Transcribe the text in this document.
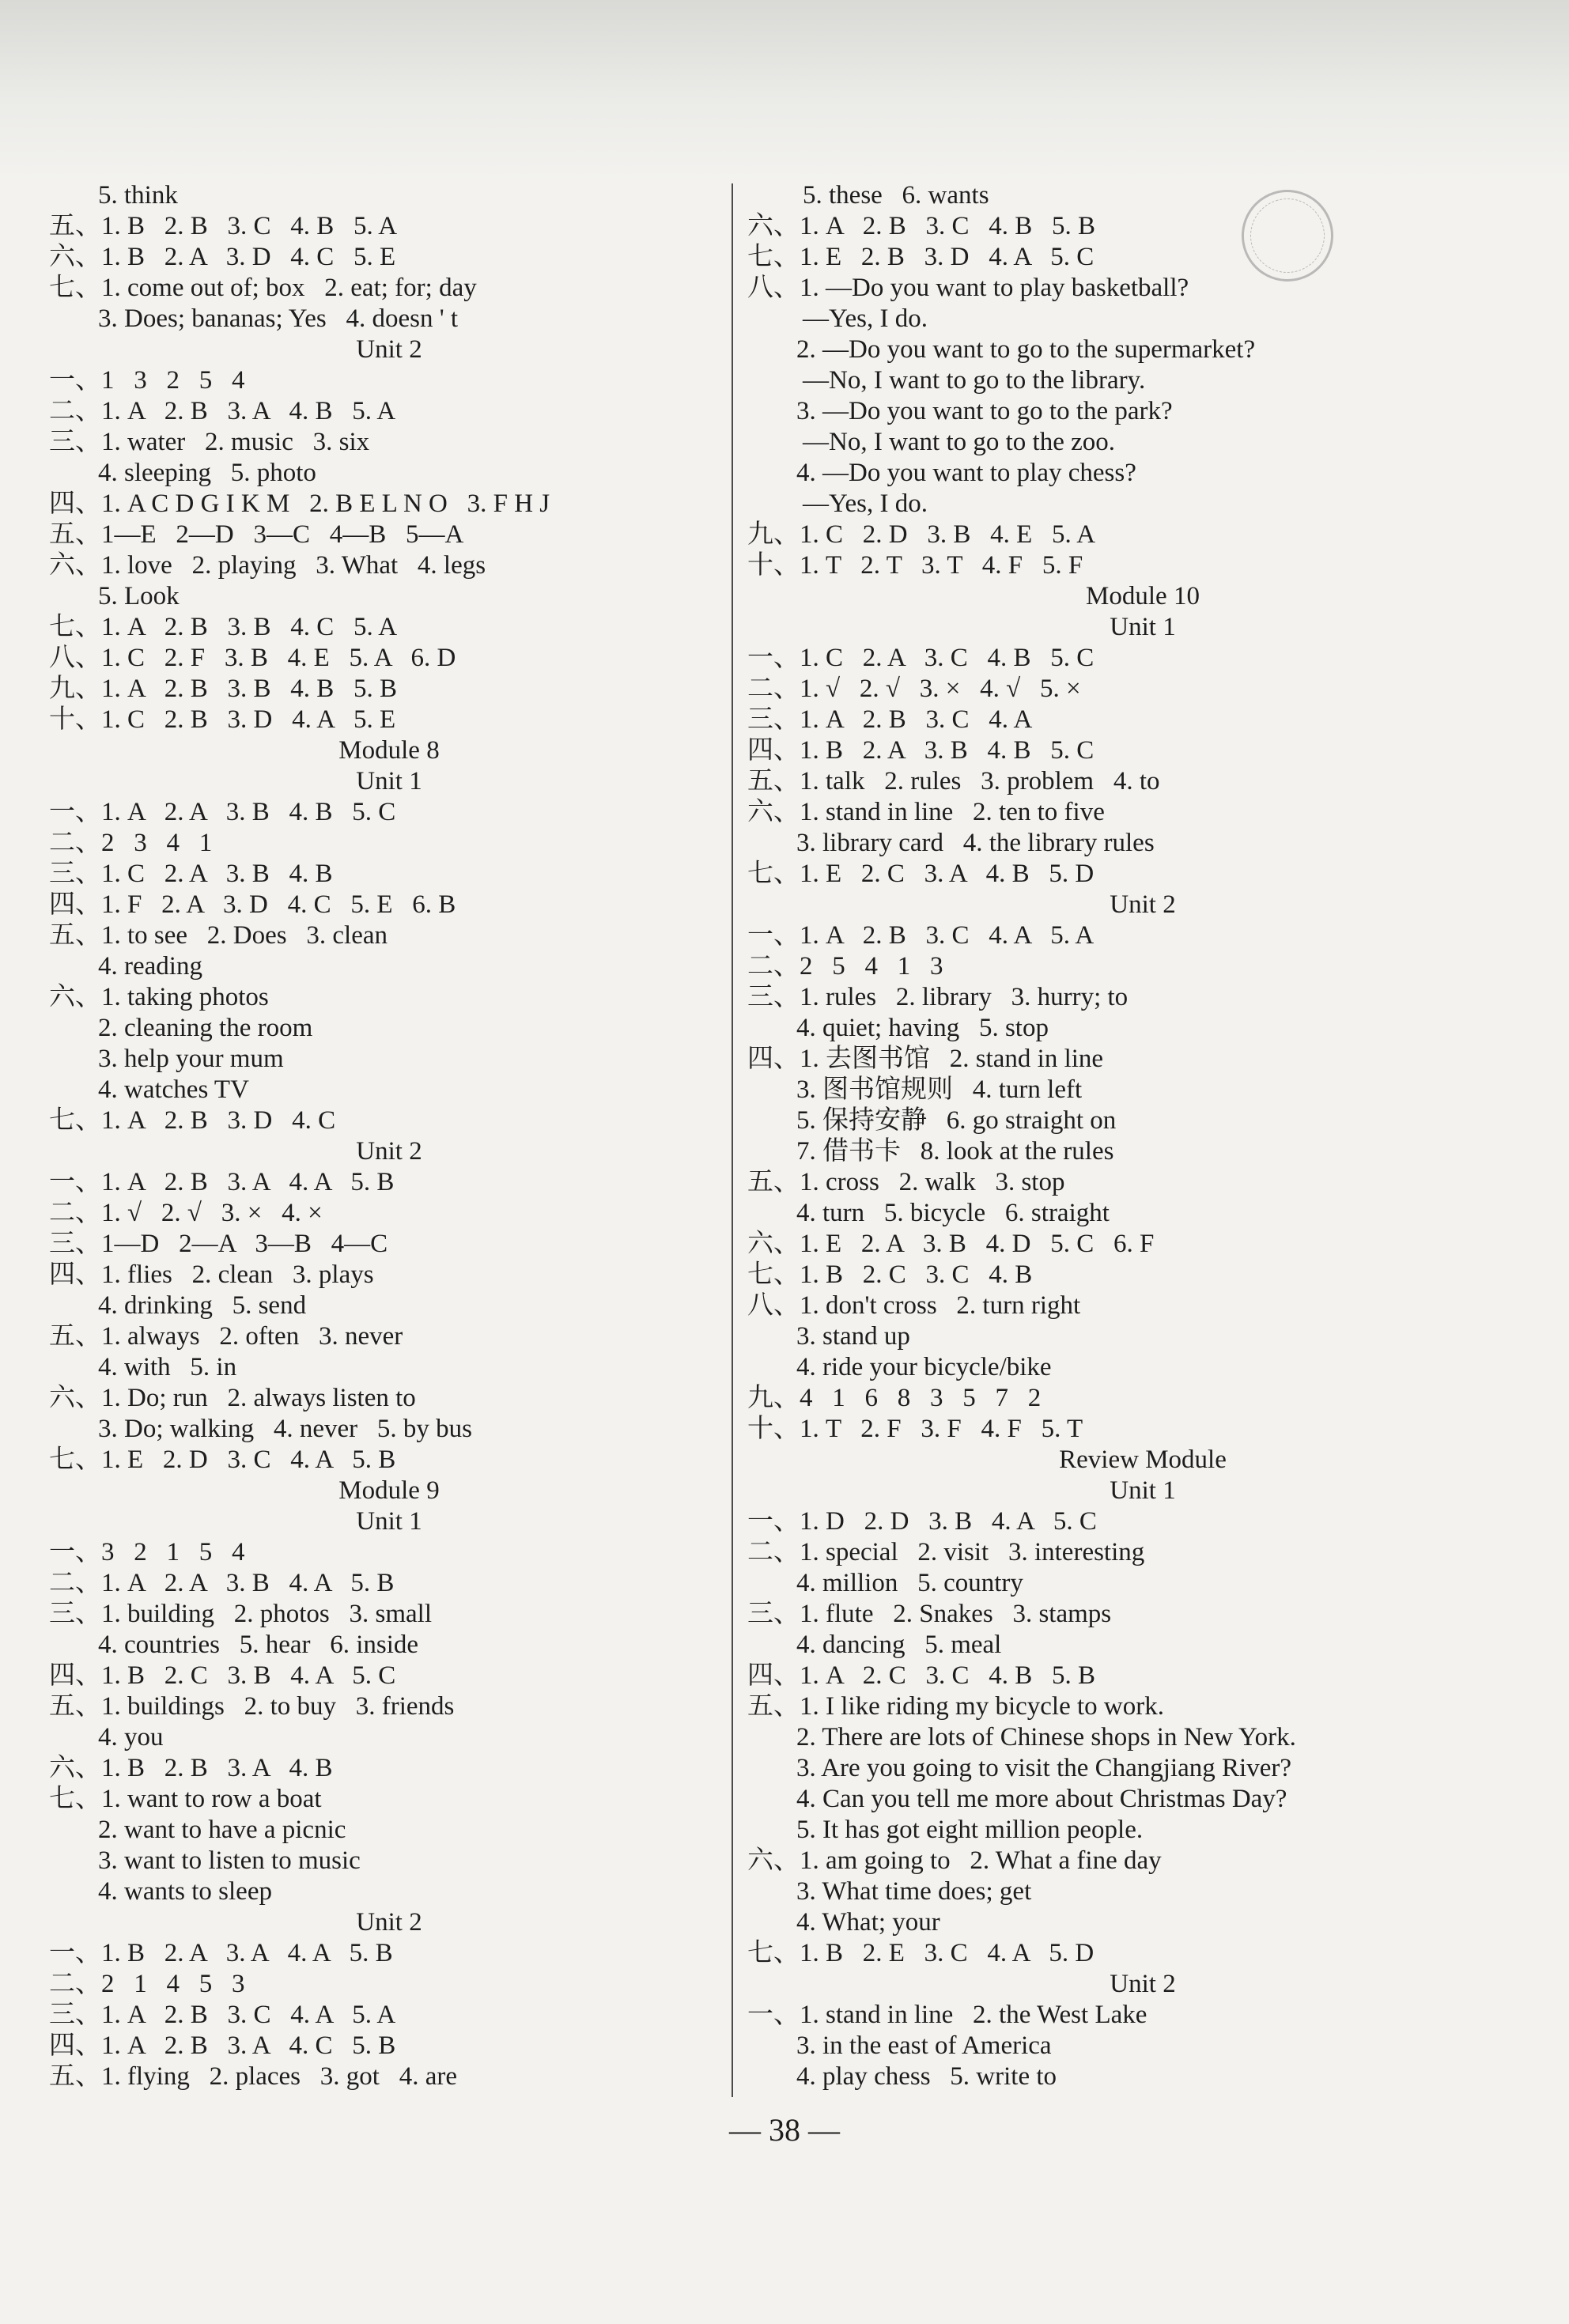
5. think
五、1. B   2. B   3. C   4. B   5. A
六、1. B   2. A   3. D   4. C   5. E
七、1. come out of; box   2. eat; for; day
3. Does; bananas; Yes   4. doesn ' t
Unit 2
一、1   3   2   5   4
二、1. A   2. B   3. A   4. B   5. A
三、1. water   2. music   3. six
4. sleeping   5. photo
四、1. A C D G I K M   2. B E L N O   3. F H J
五、1—E   2—D   3—C   4—B   5—A
六、1. love   2. playing   3. What   4. legs
5. Look
七、1. A   2. B   3. B   4. C   5. A
八、1. C   2. F   3. B   4. E   5. A   6. D
九、1. A   2. B   3. B   4. B   5. B
十、1. C   2. B   3. D   4. A   5. E
Module 8
Unit 1
一、1. A   2. A   3. B   4. B   5. C
二、2   3   4   1
三、1. C   2. A   3. B   4. B
四、1. F   2. A   3. D   4. C   5. E   6. B
五、1. to see   2. Does   3. clean
4. reading
六、1. taking photos
2. cleaning the room
3. help your mum
4. watches TV
七、1. A   2. B   3. D   4. C
Unit 2
一、1. A   2. B   3. A   4. A   5. B
二、1. √   2. √   3. ×   4. ×
三、1—D   2—A   3—B   4—C
四、1. flies   2. clean   3. plays
4. drinking   5. send
五、1. always   2. often   3. never
4. with   5. in
六、1. Do; run   2. always listen to
3. Do; walking   4. never   5. by bus
七、1. E   2. D   3. C   4. A   5. B
Module 9
Unit 1
一、3   2   1   5   4
二、1. A   2. A   3. B   4. A   5. B
三、1. building   2. photos   3. small
4. countries   5. hear   6. inside
四、1. B   2. C   3. B   4. A   5. C
五、1. buildings   2. to buy   3. friends
4. you
六、1. B   2. B   3. A   4. B
七、1. want to row a boat
2. want to have a picnic
3. want to listen to music
4. wants to sleep
Unit 2
一、1. B   2. A   3. A   4. A   5. B
二、2   1   4   5   3
三、1. A   2. B   3. C   4. A   5. A
四、1. A   2. B   3. A   4. C   5. B
五、1. flying   2. places   3. got   4. are
5. these   6. wants
六、1. A   2. B   3. C   4. B   5. B
七、1. E   2. B   3. D   4. A   5. C
八、1. —Do you want to play basketball?
—Yes, I do.
2. —Do you want to go to the supermarket?
—No, I want to go to the library.
3. —Do you want to go to the park?
—No, I want to go to the zoo.
4. —Do you want to play chess?
—Yes, I do.
九、1. C   2. D   3. B   4. E   5. A
十、1. T   2. T   3. T   4. F   5. F
Module 10
Unit 1
一、1. C   2. A   3. C   4. B   5. C
二、1. √   2. √   3. ×   4. √   5. ×
三、1. A   2. B   3. C   4. A
四、1. B   2. A   3. B   4. B   5. C
五、1. talk   2. rules   3. problem   4. to
六、1. stand in line   2. ten to five
3. library card   4. the library rules
七、1. E   2. C   3. A   4. B   5. D
Unit 2
一、1. A   2. B   3. C   4. A   5. A
二、2   5   4   1   3
三、1. rules   2. library   3. hurry; to
4. quiet; having   5. stop
四、1. 去图书馆   2. stand in line
3. 图书馆规则   4. turn left
5. 保持安静   6. go straight on
7. 借书卡   8. look at the rules
五、1. cross   2. walk   3. stop
4. turn   5. bicycle   6. straight
六、1. E   2. A   3. B   4. D   5. C   6. F
七、1. B   2. C   3. C   4. B
八、1. don't cross   2. turn right
3. stand up
4. ride your bicycle/bike
九、4   1   6   8   3   5   7   2
十、1. T   2. F   3. F   4. F   5. T
Review Module
Unit 1
一、1. D   2. D   3. B   4. A   5. C
二、1. special   2. visit   3. interesting
4. million   5. country
三、1. flute   2. Snakes   3. stamps
4. dancing   5. meal
四、1. A   2. C   3. C   4. B   5. B
五、1. I like riding my bicycle to work.
2. There are lots of Chinese shops in New York.
3. Are you going to visit the Changjiang River?
4. Can you tell me more about Christmas Day?
5. It has got eight million people.
六、1. am going to   2. What a fine day
3. What time does; get
4. What; your
七、1. B   2. E   3. C   4. A   5. D
Unit 2
一、1. stand in line   2. the West Lake
3. in the east of America
4. play chess   5. write to
— 38 —
